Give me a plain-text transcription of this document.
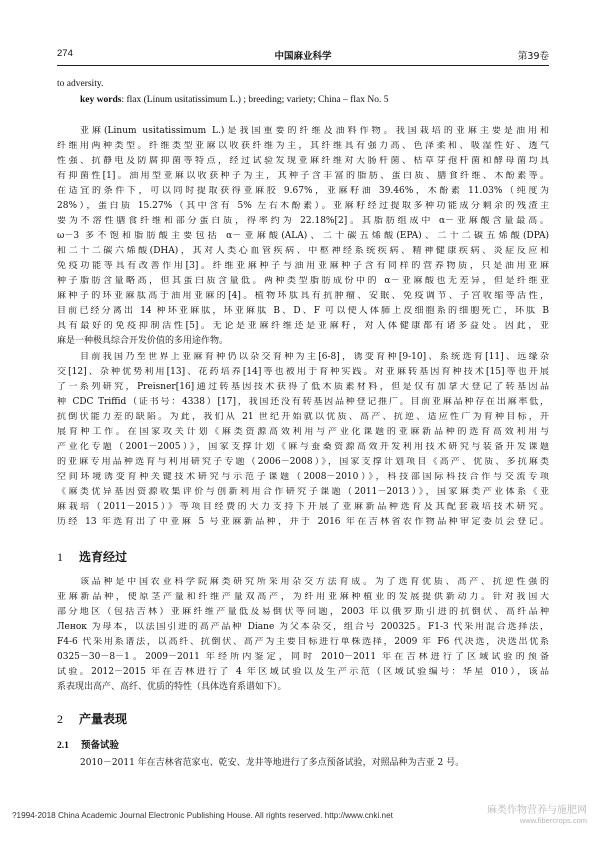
274	中国麻业科学	第39卷
to adversity.
key words: flax (Linum usitatissimum L.) ; breeding; variety; China – flax No. 5
亚麻(Linum usitatissimum L.)是我国重要的纤维及油料作物。我国栽培的亚麻主要是油用和
纤维用两种类型。纤维类型亚麻以收获纤维为主，其纤维具有强力高、色泽柔和、吸湿性好、透气
性强、抗静电及防腐抑菌等特点，经过试验发现亚麻纤维对大肠杆菌、枯草芽孢杆菌和酵母菌均具
有抑菌性[1]。油用型亚麻以收获种子为主，其种子含丰富的脂肪、蛋白质、膳食纤维、木酚素等。
在适宜的条件下，可以同时提取获得亚麻胶 9.67%，亚麻籽油 39.46%，木酚素 11.03%（纯度为
28%），蛋白质 15.27%（其中含有 5% 左右木酚素）。亚麻籽经过提取多种功能成分剩余的残渣主
要为不溶性膳食纤维和部分蛋白质，得率约为 22.18%[2]。其脂肪组成中 α－亚麻酸含量最高。
ω－3 多不饱和脂肪酸主要包括 α－亚麻酸(ALA)、二十碳五烯酸(EPA)、二十二碳五烯酸(DPA)
和二十二碳六烯酸(DHA)，其对人类心血管疾病、中枢神经系统疾病、精神健康疾病、炎症反应和
免疫功能等具有改善作用[3]。纤维亚麻种子与油用亚麻种子含有同样的营养物质，只是油用亚麻
种子脂肪含量略高，但其蛋白质含量低。两种类型脂肪成份中的 α－亚麻酸也无差异，但是纤维亚
麻种子的环亚麻肽高于油用亚麻的[4]。植物环肽具有抗肿瘤、安眠、免疫调节、子宫收缩等活性，
目前已经分离出 14 种环亚麻肽，环亚麻肽 B、D、F 可以使人体肺上皮细胞系的细胞死亡，环肽 B
具有最好的免疫抑制活性[5]。无论是亚麻纤维还是亚麻籽，对人体健康都有诸多益处。因此，亚
麻是一种极具综合开发价值的多用途作物。
目前我国乃至世界上亚麻育种仍以杂交育种为主[6-8]，诱变育种[9-10]、系统选育[11]、远缘杂
交[12]、杂种优势利用[13]、花药培养[14]等也被用于育种实践。对亚麻转基因育种技术[15]等也开展
了一系列研究，Preisner[16]通过转基因技术获得了低木质素材料，但是仅有加拿大登记了转基因品
种 CDC Triffid（证书号：4338）[17]，我国还没有转基因品种登记推广。目前亚麻品种存在出麻率低，
抗倒伏能力差的缺陷。为此，我们从 21 世纪开始就以优质、高产、抗逆、适应性广为育种目标，开
展育种工作。在国家攻关计划《麻类资源高效利用与产业化课题的亚麻新品种的选育高效利用与
产业化专题（2001－2005）》，国家支撑计划《麻与蚕桑资源高效开发利用技术研究与装备开发课题
的亚麻专用品种选育与利用研究子专题（2006－2008）》，国家支撑计划项目《高产、优质、多抗麻类
空间环境诱变育种关键技术研究与示范子课题（2008－2010）》，科技部国际科技合作与交流专项
《麻类优异基因资源收集评价与创新利用合作研究子课题（2011－2013）》，国家麻类产业体系《亚
麻栽培（2011－2015）》等项目经费的大力支持下开展了亚麻新品种选育及其配套栽培技术研究。
历经 13 年选育出了中亚麻 5 号亚麻新品种，并于 2016 年在吉林省农作物品种审定委员会登记。
1 选育经过
该品种是中国农业科学院麻类研究所采用杂交方法育成。为了选育优质、高产、抗逆性强的
亚麻新品种，使原茎产量和纤维产量双高产，为纤用亚麻种植业的发展提供新动力。针对我国大
部分地区（包括吉林）亚麻纤维产量低及易倒伏等问题，2003 年以俄罗斯引进的抗倒伏、高纤品种
Ленок 为母本，以法国引进的高产品种 Diane 为父本杂交，组合号 200325。F1-3 代采用混合选择法，
F4-6 代采用系谱法，以高纤、抗倒伏、高产为主要目标进行单株选择，2009 年 F6 代决选，决选出优系
0325－30－8－1。2009－2011 年经所内鉴定，同时 2010－2011 年在吉林进行了区域试验的预备
试验。2012－2015 年在吉林进行了 4 年区域试验以及生产示范（区域试验编号：华星 010），该品
系表现出高产、高纤、优质的特性（具体选育系谱如下）。
2 产量表现
2.1 预备试验
2010－2011 年在吉林省范家屯、乾安、龙井等地进行了多点预备试验，对照品种为吉亚 2 号。
?1994-2018 China Academic Journal Electronic Publishing House. All rights reserved. http://www.cnki.net	麻类作物营养与施肥网
www.fibercrops.com
